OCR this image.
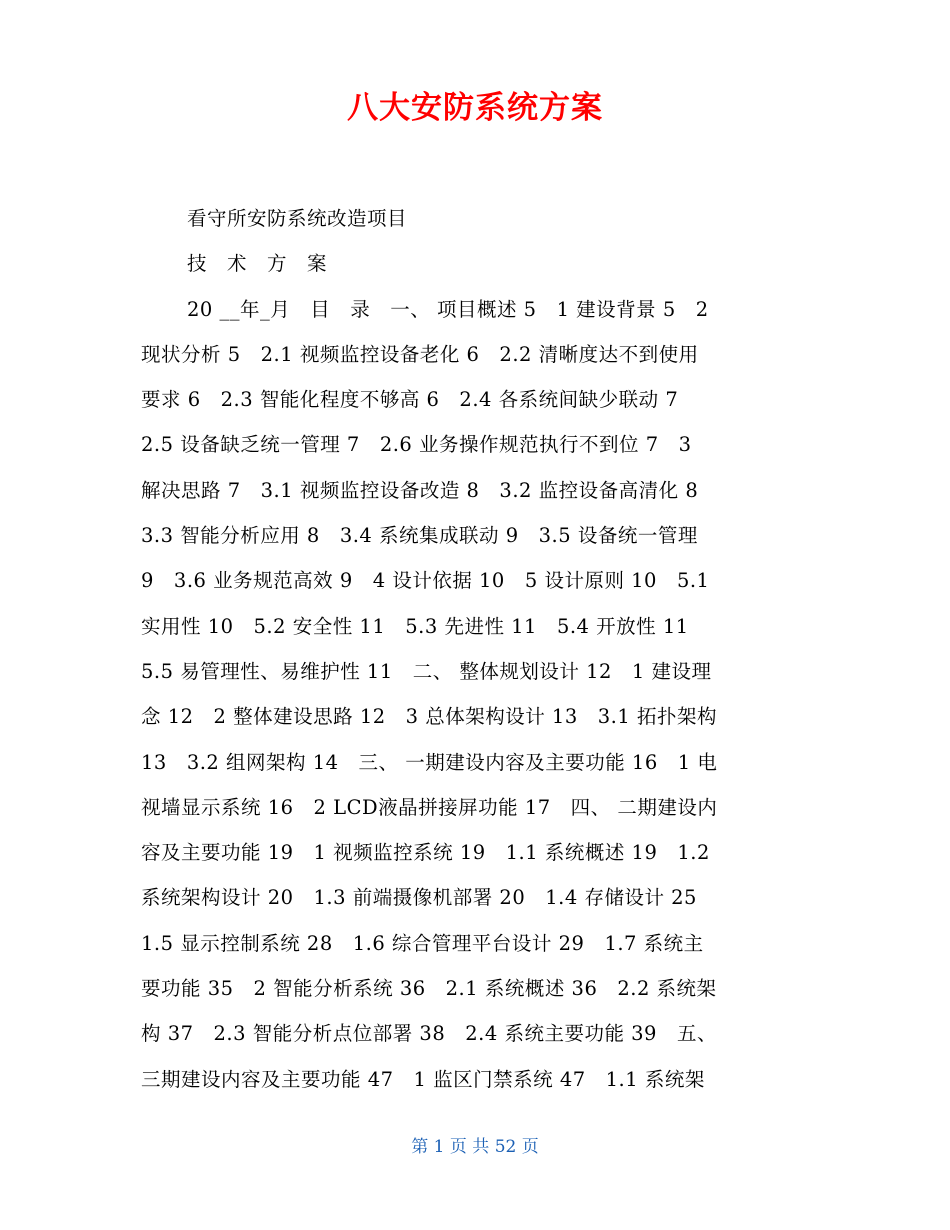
八大安防系统方案
看守所安防系统改造项目
技　术　方　案
20 __年_月　目　录　一、 项目概述 5　1 建设背景 5　2
现状分析 5　2.1 视频监控设备老化 6　2.2 清晰度达不到使用
要求 6　2.3 智能化程度不够高 6　2.4 各系统间缺少联动 7
2.5 设备缺乏统一管理 7　2.6 业务操作规范执行不到位 7　3
解决思路 7　3.1 视频监控设备改造 8　3.2 监控设备高清化 8
3.3 智能分析应用 8　3.4 系统集成联动 9　3.5 设备统一管理
9　3.6 业务规范高效 9　4 设计依据 10　5 设计原则 10　5.1
实用性 10　5.2 安全性 11　5.3 先进性 11　5.4 开放性 11
5.5 易管理性、易维护性 11　二、 整体规划设计 12　1 建设理
念 12　2 整体建设思路 12　3 总体架构设计 13　3.1 拓扑架构
13　3.2 组网架构 14　三、 一期建设内容及主要功能 16　1 电
视墙显示系统 16　2 LCD液晶拼接屏功能 17　四、 二期建设内
容及主要功能 19　1 视频监控系统 19　1.1 系统概述 19　1.2
系统架构设计 20　1.3 前端摄像机部署 20　1.4 存储设计 25
1.5 显示控制系统 28　1.6 综合管理平台设计 29　1.7 系统主
要功能 35　2 智能分析系统 36　2.1 系统概述 36　2.2 系统架
构 37　2.3 智能分析点位部署 38　2.4 系统主要功能 39　五、
三期建设内容及主要功能 47　1 监区门禁系统 47　1.1 系统架
第 1 页 共 52 页
